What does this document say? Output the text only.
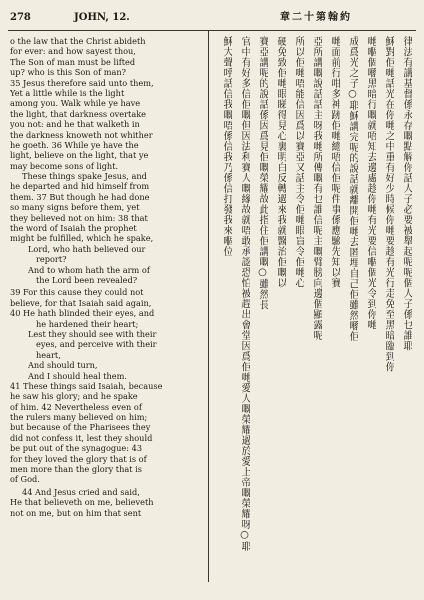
278	JOHN, 12.	章二十第翰約
o the law that the Christ abideth
for ever: and how sayest thou,
The Son of man must be lifted
up? who is this Son of man?
35 Jesus therefore said unto them,
Yet a little while is the light
among you. Walk while ye have
the light, that darkness overtake
you not: and he that walketh in
the darkness knoweth not whither
he goeth. 36 While ye have the
light, believe on the light, that ye
may become sons of light.
These things spake Jesus, and
he departed and hid himself from
them. 37 But though he had done
so many signs before them, yet
they believed not on him: 38 that
the word of Isaiah the prophet
might be fulfilled, which he spake,
Lord, who hath believed our
report?
And to whom hath the arm of
the Lord been revealed?
39 For this cause they could not
believe, for that Isaiah said again,
40 He hath blinded their eyes, and
he hardened their heart;
Lest they should see with their
eyes, and perceive with their
heart,
And should turn,
And I should heal them.
41 These things said Isaiah, because
he saw his glory; and he spake
of him. 42 Nevertheless even of
the rulers many believed on him;
but because of the Pharisees they
did not confess it, lest they should
be put out of the synagogue: 43
for they loved the glory that is of
men more than the glory that is
of God.
44 And Jesus cried and said,
He that believeth on me, believeth
not on me, but on him that sent
律法有講基督係永存嘅點解你話人子必要被舉起呢呢個人子係乜誰耶
穌對佢哋話光在你哋之中重有好少時候你哋要趁有光行走免至黑暗臨到你
哋嗰個喺黑暗行嘅就唔知去邊處趁你哋有光要信嗰個光令到你哋
成爲光之子○耶穌講完呢的說話就離開佢哋去匿埋自己佢雖然喺佢
哋面前行咁多神跡佢哋總唔信佢呢件事係應驗先知以賽
亞所講嘅說話話主呀我哋所傳嘅有乜誰信呢主嘅臂膀向邊個顯露呢
所以佢哋唔能信因爲以賽亞又話主令佢哋眼盲令佢哋心
硬免致佢哋眼睇得見心裏明白反轉過來我就醫治佢嘅以
賽亞講呢的說話係因爲見佢嘅榮耀故此指住佢講嘅○雖然長
官中有好多信佢嘅但因法利賽人嘅緣故就唔敢承認恐怕被趕出會堂因爲佢哋愛人嘅榮耀過於愛上帝嘅榮耀呀○耶
穌大聲呼話信我嘅唔係信我乃係信打發我來嗰位
